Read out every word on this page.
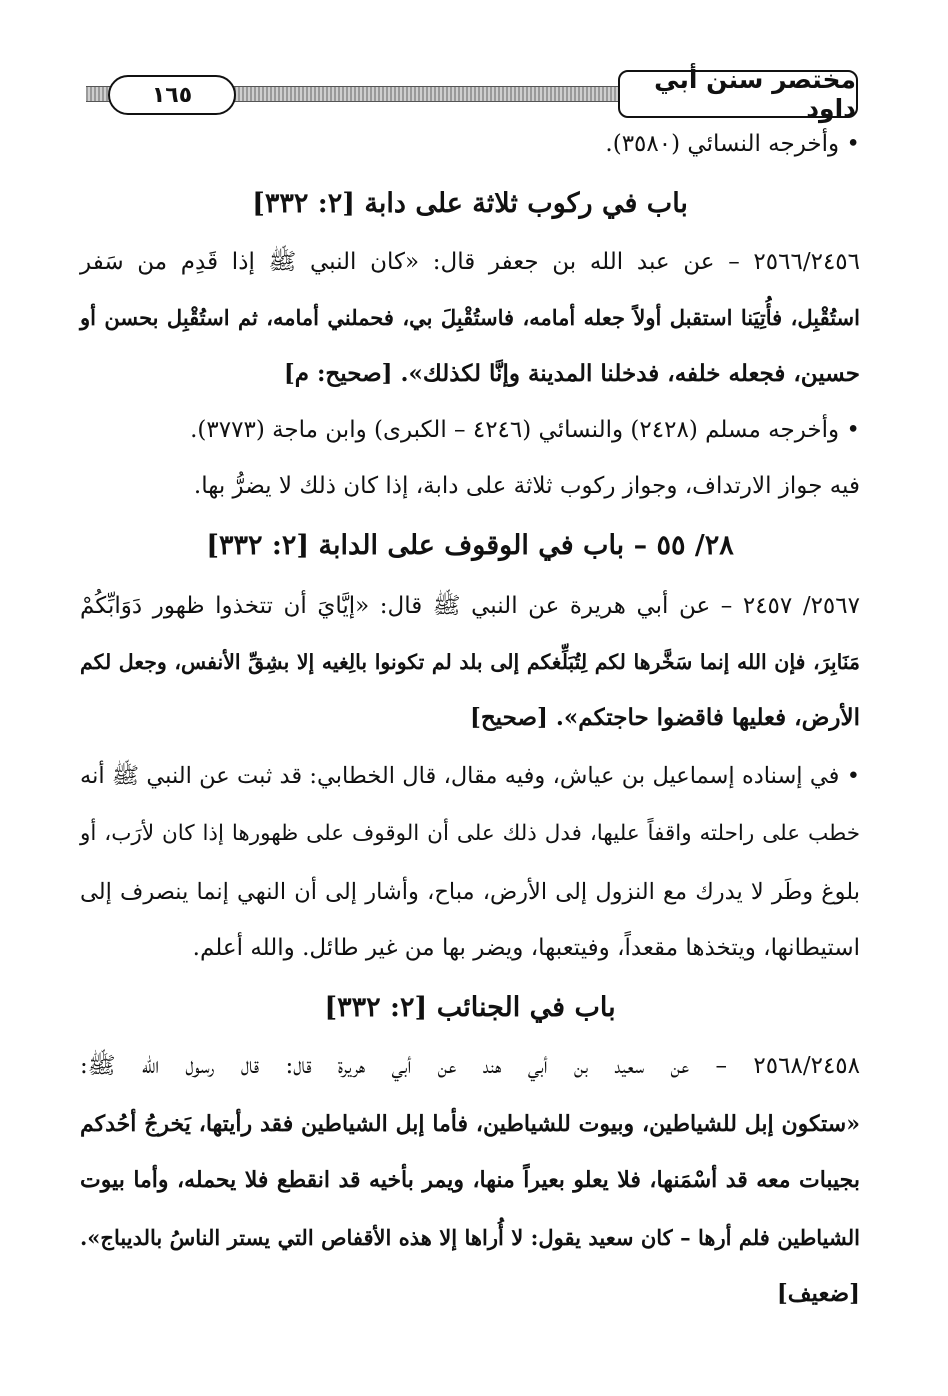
١٦٥
مختصر سنن أبي داود
• وأخرجه النسائي (٣٥٨٠).
باب في ركوب ثلاثة على دابة [٢: ٣٣٢]
٢٥٦٦/٢٤٥٦ – عن عبد الله بن جعفر قال: «كان النبي ﷺ إذا قَدِم من سَفر
استُقْبِل، فأُتِيَنا استقبل أولاً جعله أمامه، فاستُقْبِلَ بي، فحملني أمامه، ثم استُقْبِل بحسن أو
حسين، فجعله خلفه، فدخلنا المدينة وإنَّا لكذلك». [صحيح: م]
• وأخرجه مسلم (٢٤٢٨) والنسائي (٤٢٤٦ – الكبرى) وابن ماجة (٣٧٧٣).
فيه جواز الارتداف، وجواز ركوب ثلاثة على دابة، إذا كان ذلك لا يضرُّ بها.
٢٨/ ٥٥ – باب في الوقوف على الدابة [٢: ٣٣٢]
٢٥٦٧/ ٢٤٥٧ – عن أبي هريرة عن النبي ﷺ قال: «إيَّايَ أن تتخذوا ظهور دَوَابِّكُمْ
مَنَابِرَ، فإن الله إنما سَخَّرها لكم لِتُبَلِّغكم إلى بلد لم تكونوا بالِغيه إلا بشِقِّ الأنفس، وجعل لكم
الأرض، فعليها فاقضوا حاجتكم». [صحيح]
• في إسناده إسماعيل بن عياش، وفيه مقال، قال الخطابي: قد ثبت عن النبي ﷺ أنه
خطب على راحلته واقفاً عليها، فدل ذلك على أن الوقوف على ظهورها إذا كان لأرَب، أو
بلوغ وطَر لا يدرك مع النزول إلى الأرض، مباح، وأشار إلى أن النهي إنما ينصرف إلى
استيطانها، ويتخذها مقعداً، وفيتعبها، ويضر بها من غير طائل. والله أعلم.
باب في الجنائب [٢: ٣٣٢]
٢٥٦٨/٢٤٥٨ – عن سعيد بن أبي هند عن أبي هريرة قال: قال رسول الله ﷺ:
«ستكون إبل للشياطين، وبيوت للشياطين، فأما إبل الشياطين فقد رأيتها، يَخرجُ أحُدكم
بجيبات معه قد أسْمَنها، فلا يعلو بعيراً منها، ويمر بأخيه قد انقطع فلا يحمله، وأما بيوت
الشياطين فلم أرها – كان سعيد يقول: لا أُراها إلا هذه الأقفاص التي يستر الناسُ بالديباج».
[ضعيف]
